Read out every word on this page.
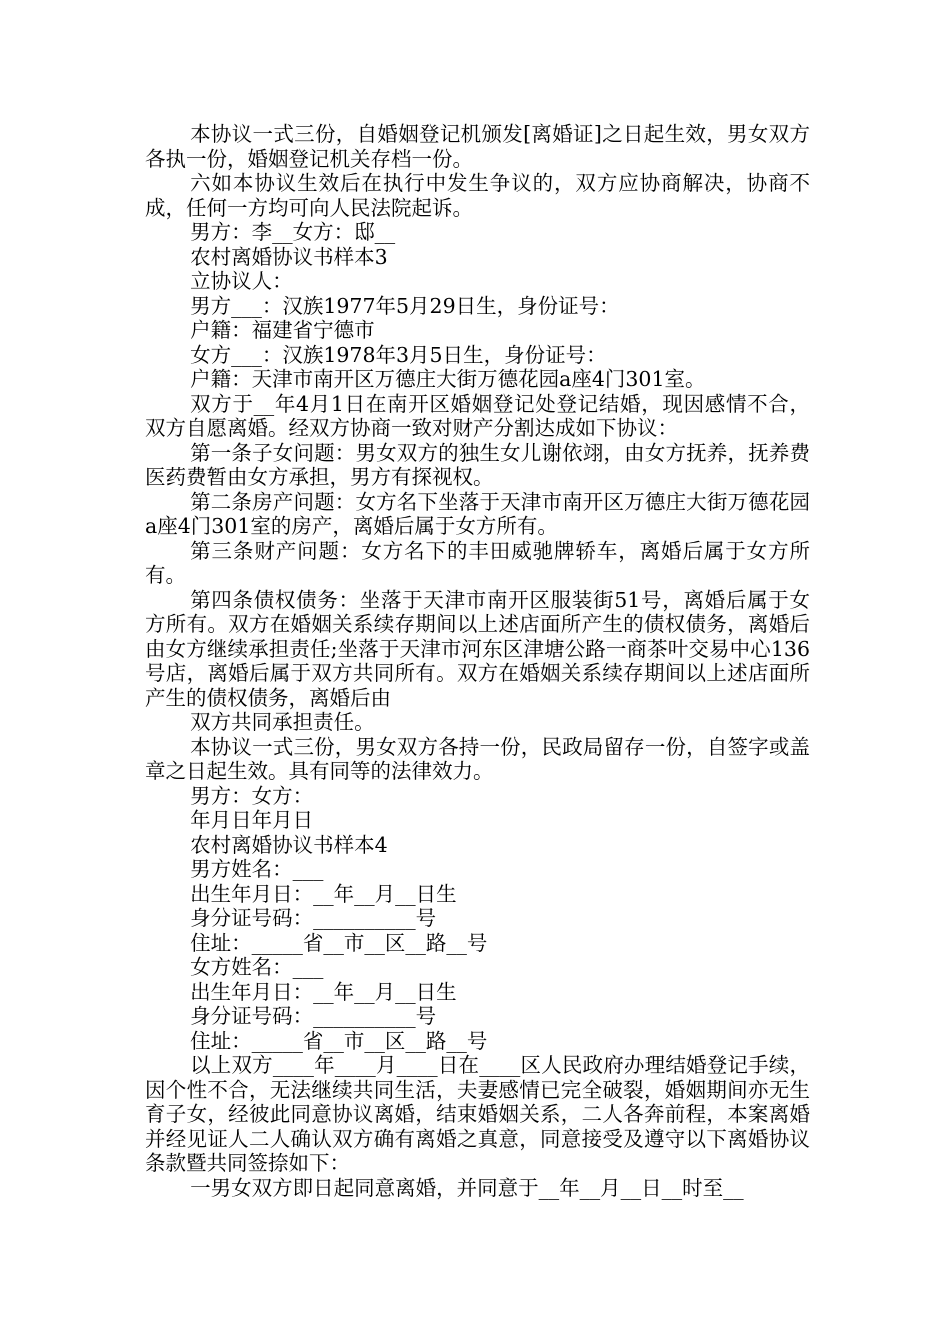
本协议一式三份，自婚姻登记机颁发[离婚证]之日起生效，男女双方各执一份，婚姻登记机关存档一份。

六如本协议生效后在执行中发生争议的，双方应协商解决，协商不成，任何一方均可向人民法院起诉。

男方：李__女方：邸__

农村离婚协议书样本3

立协议人：

男方___：汉族1977年5月29日生，身份证号：

户籍：福建省宁德市

女方___：汉族1978年3月5日生，身份证号：

户籍：天津市南开区万德庄大街万德花园a座4门301室。

双方于__年4月1日在南开区婚姻登记处登记结婚，现因感情不合，双方自愿离婚。经双方协商一致对财产分割达成如下协议：

第一条子女问题：男女双方的独生女儿谢依翊，由女方抚养，抚养费医药费暂由女方承担，男方有探视权。

第二条房产问题：女方名下坐落于天津市南开区万德庄大街万德花园a座4门301室的房产，离婚后属于女方所有。

第三条财产问题：女方名下的丰田威驰牌轿车，离婚后属于女方所有。

第四条债权债务：坐落于天津市南开区服装街51号，离婚后属于女方所有。双方在婚姻关系续存期间以上述店面所产生的债权债务，离婚后由女方继续承担责任;坐落于天津市河东区津塘公路一商茶叶交易中心136号店，离婚后属于双方共同所有。双方在婚姻关系续存期间以上述店面所产生的债权债务，离婚后由

双方共同承担责任。

本协议一式三份，男女双方各持一份，民政局留存一份，自签字或盖章之日起生效。具有同等的法律效力。

男方：女方：

年月日年月日

农村离婚协议书样本4

男方姓名：___

出生年月日：__年__月__日生

身分证号码：__________号

住址：_____省__市__区__路__号

女方姓名：___

出生年月日：__年__月__日生

身分证号码：__________号

住址：_____省__市__区__路__号

以上双方____年____月____日在____区人民政府办理结婚登记手续，因个性不合，无法继续共同生活，夫妻感情已完全破裂，婚姻期间亦无生育子女，经彼此同意协议离婚，结束婚姻关系，二人各奔前程，本案离婚并经见证人二人确认双方确有离婚之真意，同意接受及遵守以下离婚协议条款暨共同签捺如下：

一男女双方即日起同意离婚，并同意于__年__月__日__时至__
